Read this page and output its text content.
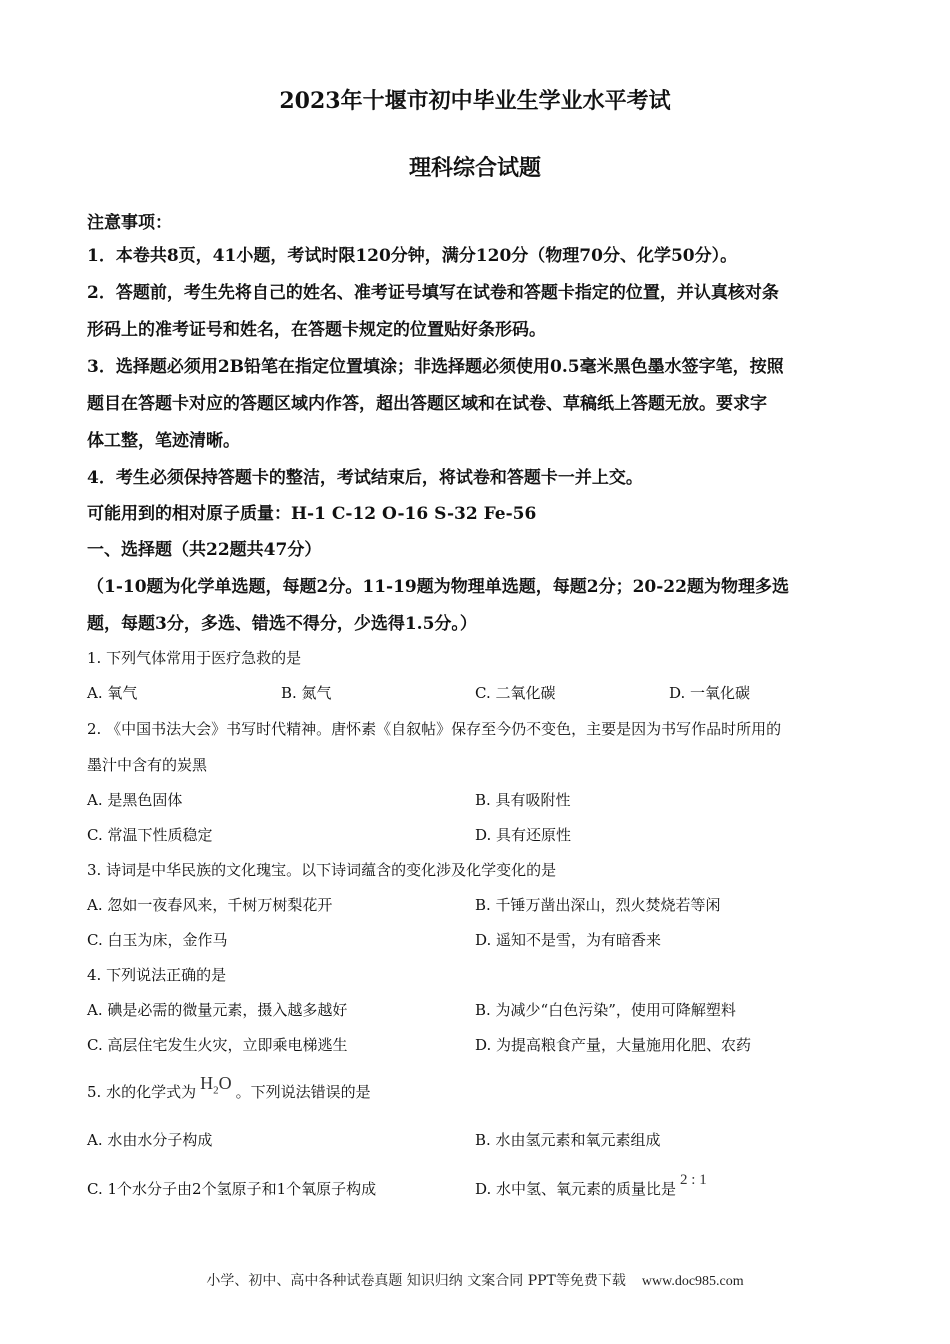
2023年十堰市初中毕业生学业水平考试
理科综合试题
注意事项：
1．本卷共8页，41小题，考试时限120分钟，满分120分（物理70分、化学50分）。
2．答题前，考生先将自己的姓名、准考证号填写在试卷和答题卡指定的位置，并认真核对条
形码上的准考证号和姓名，在答题卡规定的位置贴好条形码。
3．选择题必须用2B铅笔在指定位置填涂；非选择题必须使用0.5毫米黑色墨水签字笔，按照
题目在答题卡对应的答题区域内作答，超出答题区域和在试卷、草稿纸上答题无放。要求字
体工整，笔迹清晰。
4．考生必须保持答题卡的整洁，考试结束后，将试卷和答题卡一并上交。
可能用到的相对原子质量：H-1 C-12 O-16 S-32 Fe-56
一、选择题（共22题共47分）
（1-10题为化学单选题，每题2分。11-19题为物理单选题，每题2分；20-22题为物理多选
题，每题3分，多选、错选不得分，少选得1.5分。）
1. 下列气体常用于医疗急救的是
A. 氧气	B. 氮气	C. 二氧化碳	D. 一氧化碳
2. 《中国书法大会》书写时代精神。唐怀素《自叙帖》保存至今仍不变色，主要是因为书写作品时所用的
墨汁中含有的炭黑
A. 是黑色固体	B. 具有吸附性
C. 常温下性质稳定	D. 具有还原性
3. 诗词是中华民族的文化瑰宝。以下诗词蕴含的变化涉及化学变化的是
A. 忽如一夜春风来，千树万树梨花开	B. 千锤万凿出深山，烈火焚烧若等闲
C. 白玉为床，金作马	D. 遥知不是雪，为有暗香来
4. 下列说法正确的是
A. 碘是必需的微量元素，摄入越多越好	B. 为减少“白色污染”，使用可降解塑料
C. 高层住宅发生火灾，立即乘电梯逃生	D. 为提高粮食产量，大量施用化肥、农药
5. 水的化学式为 $H_2O$ 。下列说法错误的是
A. 水由水分子构成	B. 水由氢元素和氧元素组成
C. 1个水分子由2个氢原子和1个氧原子构成	D. 水中氢、氧元素的质量比是 2 : 1
小学、初中、高中各种试卷真题 知识归纳 文案合同 PPT等免费下载 www.doc985.com
